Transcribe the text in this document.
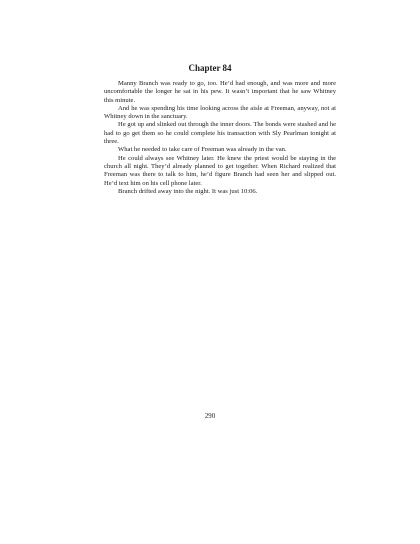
Chapter 84

Manny Branch was ready to go, too. He’d had enough, and was more and more uncomfortable the longer he sat in his pew. It wasn’t important that he saw Whitney this minute.

And he was spending his time looking across the aisle at Freeman, anyway, not at Whitney down in the sanctuary.

He got up and slinked out through the inner doors. The bonds were stashed and he had to go get them so he could complete his transaction with Sly Pearlman tonight at three.

What he needed to take care of Freeman was already in the van.

He could always see Whitney later. He knew the priest would be staying in the church all night. They’d already planned to get together. When Richard realized that Freeman was there to talk to him, he’d figure Branch had seen her and slipped out. He’d text him on his cell phone later.

Branch drifted away into the night. It was just 10:06.

290
